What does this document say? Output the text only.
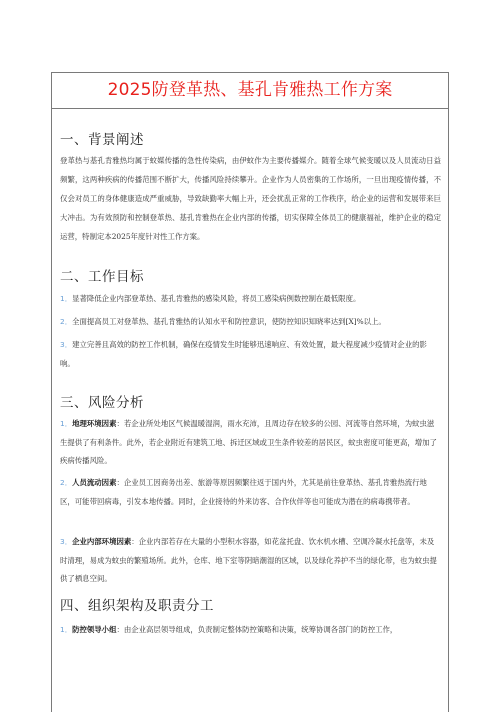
2025防登革热、基孔肯雅热工作方案
一、背景阐述

登革热与基孔肯雅热均属于蚊媒传播的急性传染病，由伊蚊作为主要传播媒介。随着全球气候变暖以及人员流动日益频繁，这两种疾病的传播范围不断扩大，传播风险持续攀升。企业作为人员密集的工作场所，一旦出现疫情传播，不仅会对员工的身体健康造成严重威胁，导致缺勤率大幅上升，还会扰乱正常的工作秩序，给企业的运营和发展带来巨大冲击。为有效预防和控制登革热、基孔肯雅热在企业内部的传播，切实保障全体员工的健康福祉，维护企业的稳定运营，特制定本2025年度针对性工作方案。

二、工作目标
1．显著降低企业内部登革热、基孔肯雅热的感染风险，将员工感染病例数控制在最低限度。
2．全面提高员工对登革热、基孔肯雅热的认知水平和防控意识，使防控知识知晓率达到[X]%以上。
3．建立完善且高效的防控工作机制，确保在疫情发生时能够迅速响应、有效处置，最大程度减少疫情对企业的影响。
三、风险分析
1．地理环境因素：若企业所处地区气候温暖湿润，雨水充沛，且周边存在较多的公园、河流等自然环境，为蚊虫滋生提供了有利条件。此外，若企业附近有建筑工地、拆迁区域或卫生条件较差的居民区，蚊虫密度可能更高，增加了疾病传播风险。
2．人员流动因素：企业员工因商务出差、旅游等原因频繁往返于国内外，尤其是前往登革热、基孔肯雅热流行地区，可能带回病毒，引发本地传播。同时，企业接待的外来访客、合作伙伴等也可能成为潜在的病毒携带者。
3．企业内部环境因素：企业内部若存在大量的小型积水容器，如花盆托盘、饮水机水槽、空调冷凝水托盘等，未及时清理，易成为蚊虫的繁殖场所。此外，仓库、地下室等阴暗潮湿的区域，以及绿化养护不当的绿化带，也为蚊虫提供了栖息空间。
四、组织架构及职责分工
1．防控领导小组：由企业高层领导组成，负责制定整体防控策略和决策，统筹协调各部门的防控工作，
